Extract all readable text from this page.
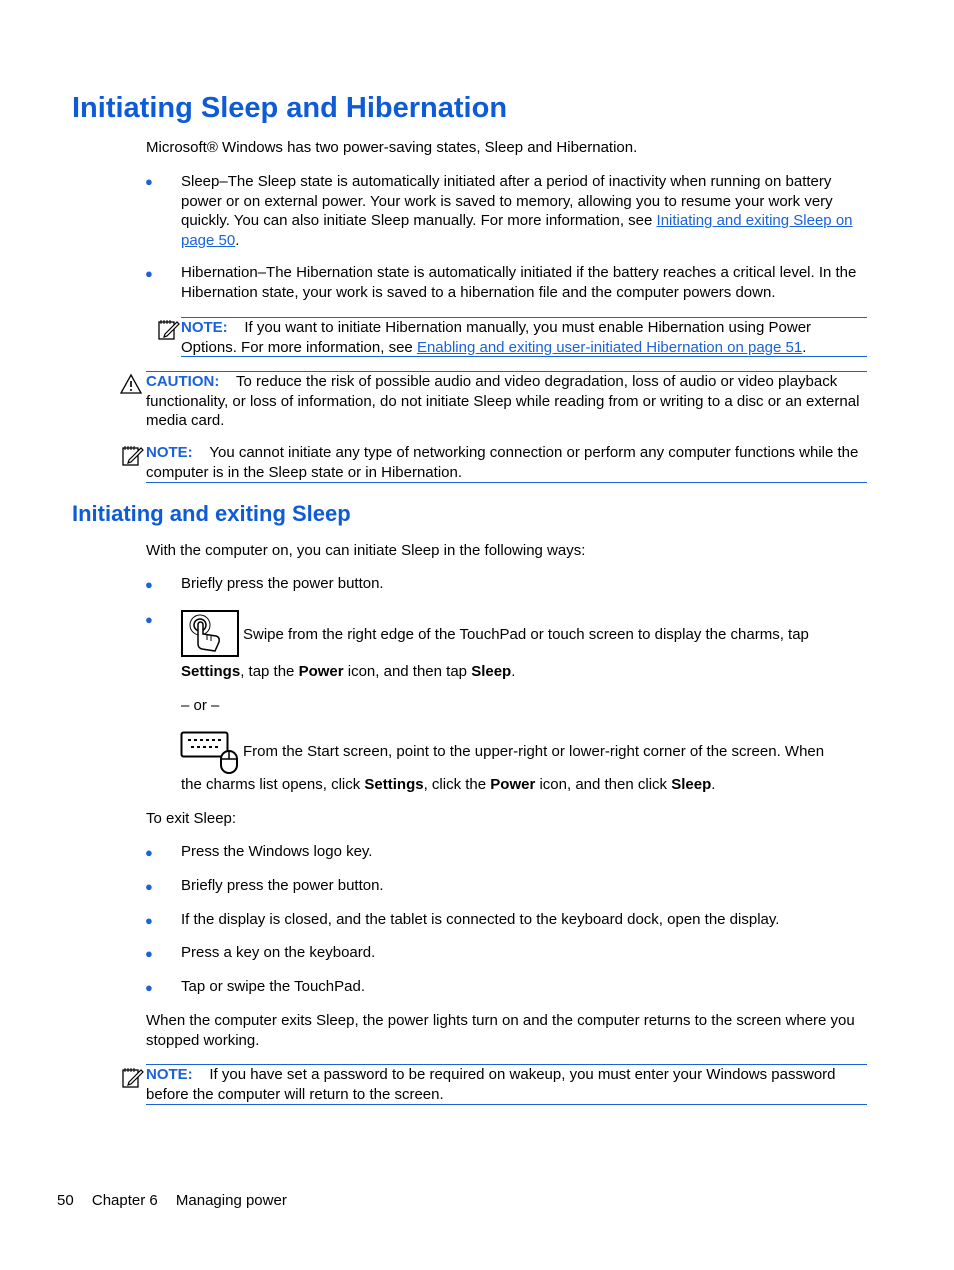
Initiating Sleep and Hibernation

Microsoft® Windows has two power-saving states, Sleep and Hibernation.

● Sleep–The Sleep state is automatically initiated after a period of inactivity when running on battery power or on external power. Your work is saved to memory, allowing you to resume your work very quickly. You can also initiate Sleep manually. For more information, see Initiating and exiting Sleep on page 50.

● Hibernation–The Hibernation state is automatically initiated if the battery reaches a critical level. In the Hibernation state, your work is saved to a hibernation file and the computer powers down.

NOTE: If you want to initiate Hibernation manually, you must enable Hibernation using Power Options. For more information, see Enabling and exiting user-initiated Hibernation on page 51.

CAUTION: To reduce the risk of possible audio and video degradation, loss of audio or video playback functionality, or loss of information, do not initiate Sleep while reading from or writing to a disc or an external media card.

NOTE: You cannot initiate any type of networking connection or perform any computer functions while the computer is in the Sleep state or in Hibernation.

Initiating and exiting Sleep

With the computer on, you can initiate Sleep in the following ways:

● Briefly press the power button.

●

Swipe from the right edge of the TouchPad or touch screen to display the charms, tap

Settings, tap the Power icon, and then tap Sleep.

– or –

From the Start screen, point to the upper-right or lower-right corner of the screen. When

the charms list opens, click Settings, click the Power icon, and then click Sleep.

To exit Sleep:

● Press the Windows logo key.

● Briefly press the power button.

● If the display is closed, and the tablet is connected to the keyboard dock, open the display.

● Press a key on the keyboard.

● Tap or swipe the TouchPad.

When the computer exits Sleep, the power lights turn on and the computer returns to the screen where you stopped working.

NOTE: If you have set a password to be required on wakeup, you must enter your Windows password before the computer will return to the screen.

50 Chapter 6 Managing power
